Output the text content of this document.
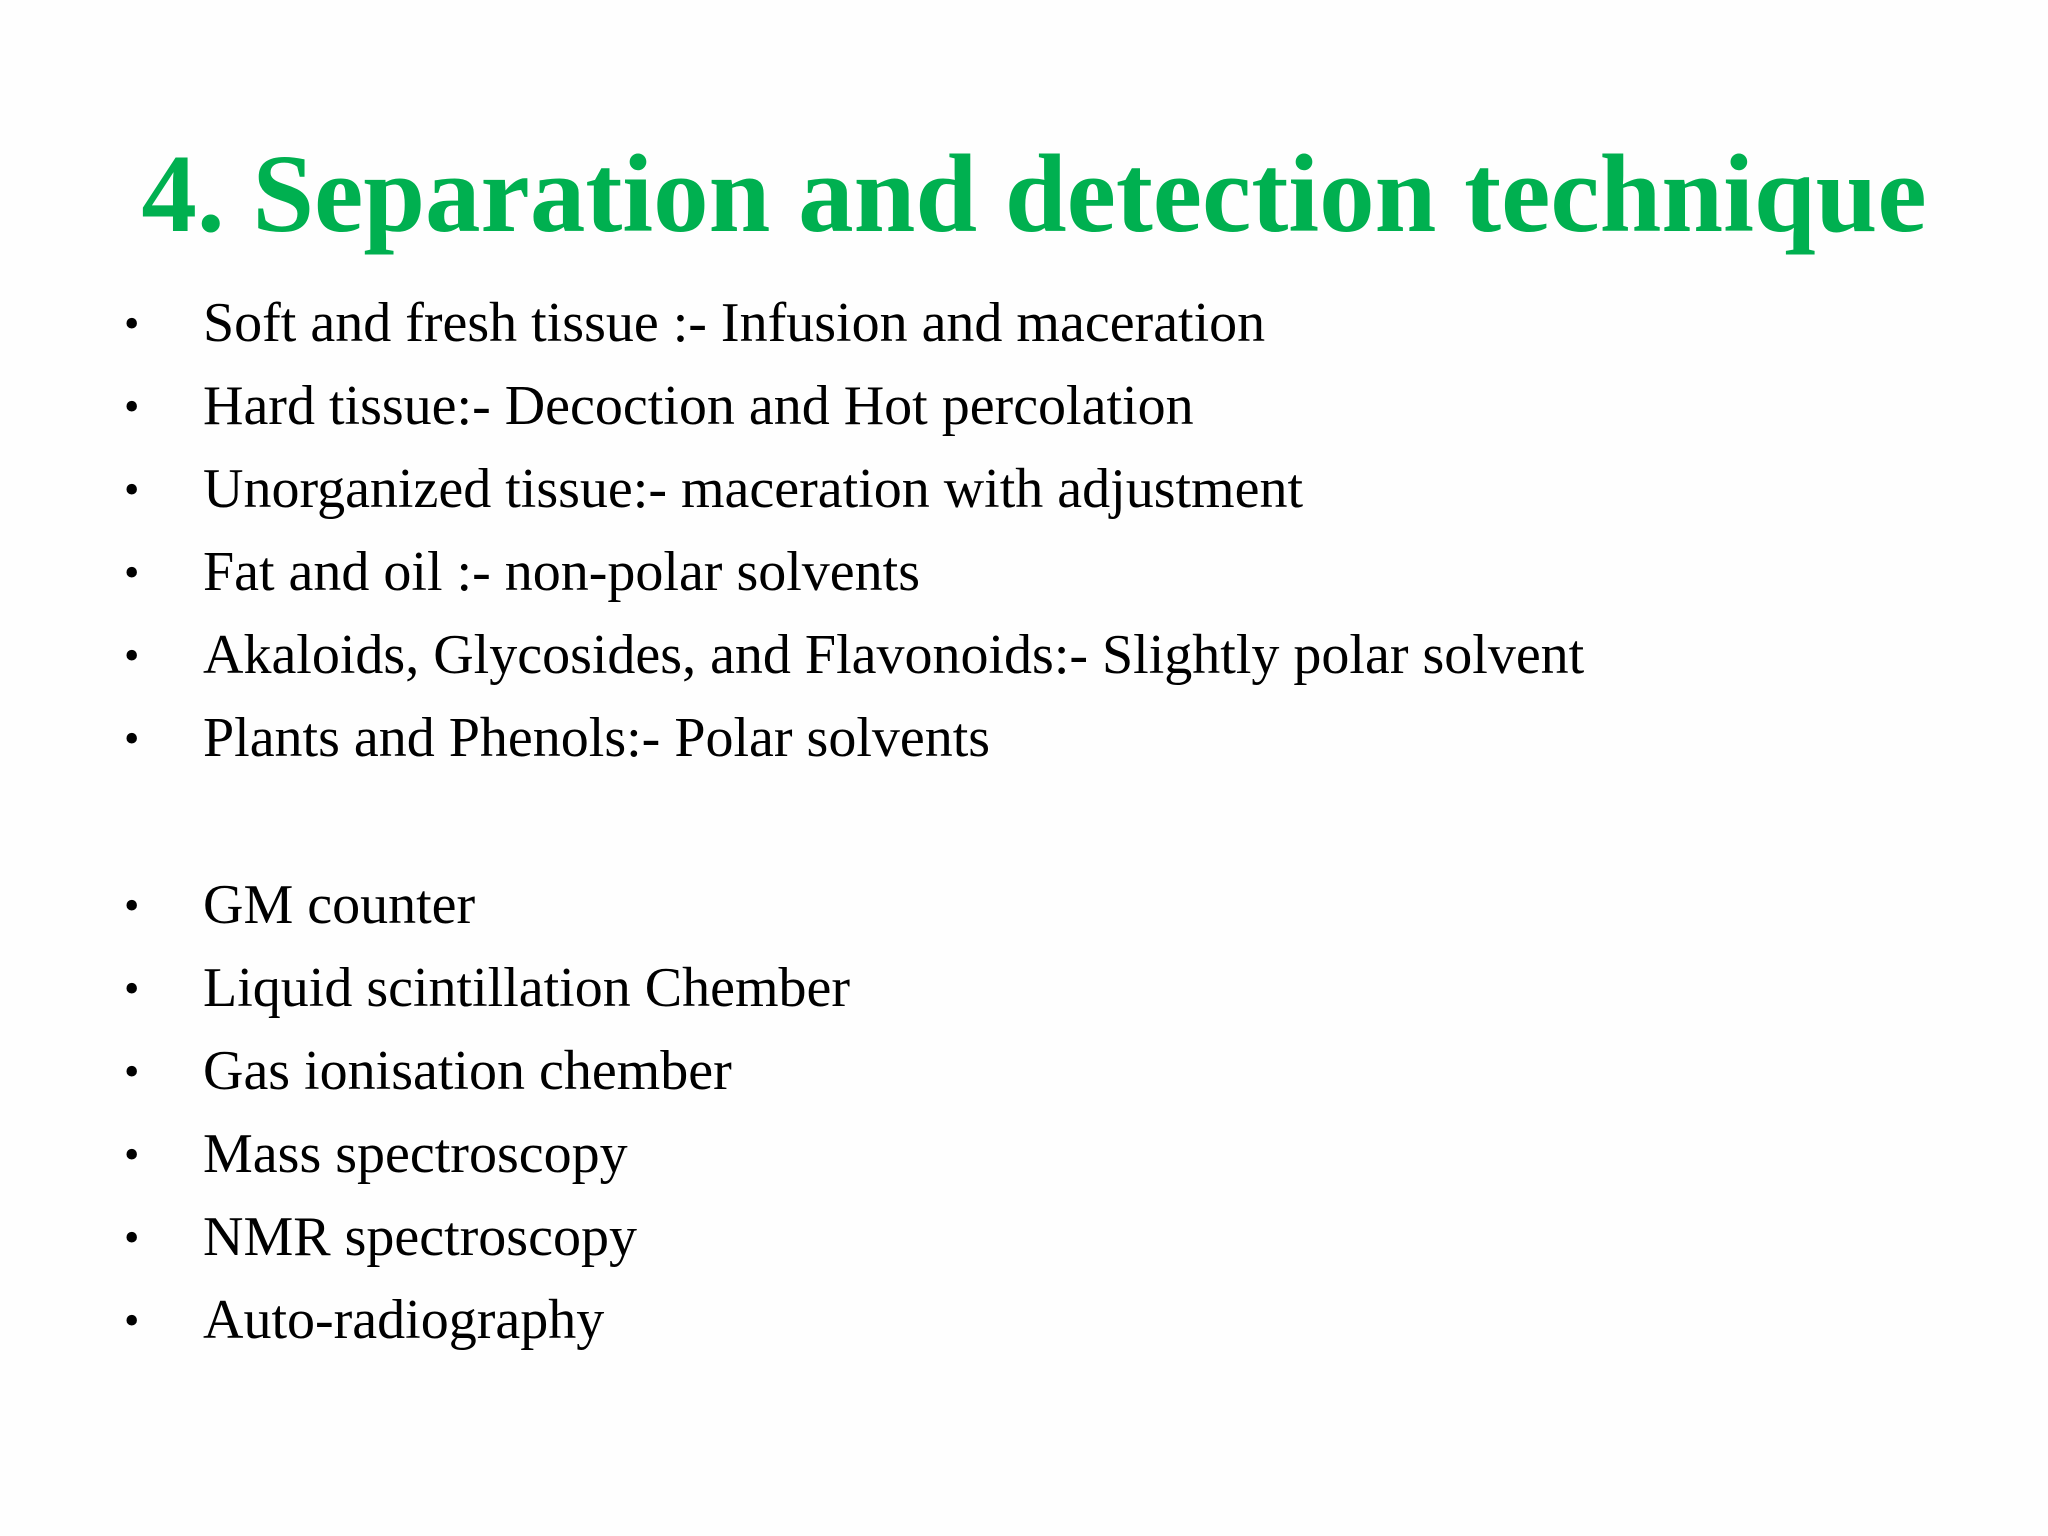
4. Separation and detection technique
• Soft and fresh tissue :- Infusion and maceration
• Hard tissue:- Decoction and Hot percolation
• Unorganized tissue:- maceration with adjustment
• Fat and oil :- non-polar solvents
• Akaloids, Glycosides, and Flavonoids:- Slightly polar solvent
• Plants and Phenols:- Polar solvents
• GM counter
• Liquid scintillation Chember
• Gas ionisation chember
• Mass spectroscopy
• NMR spectroscopy
• Auto-radiography
